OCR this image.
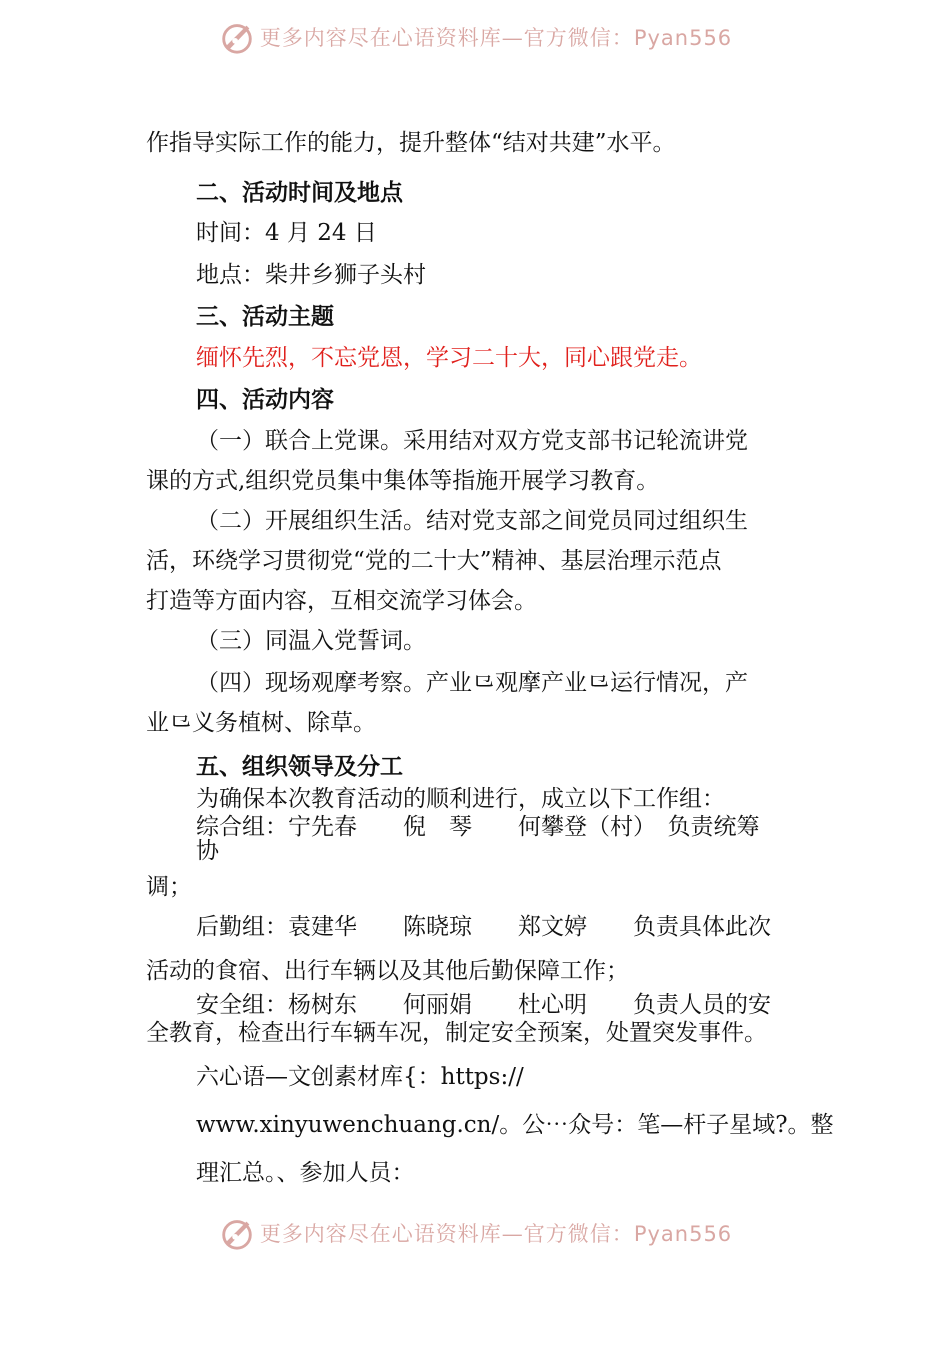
更多内容尽在心语资料库—官方微信：Pyan556
作指导实际工作的能力，提升整体“结对共建”水平。
二、活动时间及地点
时间：4 月 24 日
地点：柴井乡狮子头村
三、活动主题
缅怀先烈，不忘党恩，学习二十大，同心跟党走。
四、活动内容
（一）联合上党课。采用结对双方党支部书记轮流讲党
课的方式,组织党员集中集体等指施开展学习教育。
（二）开展组织生活。结对党支部之间党员同过组织生
活，环绕学习贯彻党“党的二十大”精神、基层治理示范点
打造等方面内容，互相交流学习体会。
（三）同温入党誓词。
（四）现场观摩考察。产业⺋观摩产业⺋运行情况，产
业⺋义务植树、除草。
五、组织领导及分工
为确保本次教育活动的顺利进行，成立以下工作组：
综合组：宁先春　　倪　琴　　何攀登（村）　负责统筹
协
调；
后勤组：袁建华　　陈晓琼　　郑文婷　　负责具体此次
活动的食宿、出行车辆以及其他后勤保障工作；
安全组：杨树东　　何丽娟　　杜心明　　负责人员的安
全教育，检查出行车辆车况，制定安全预案，处置突发事件。
六心语—文创素材库{：https://
www.xinyuwenchuang.cn/。公⋯众号：笔—杆子星域?。整
理汇总。、参加人员：
更多内容尽在心语资料库—官方微信：Pyan556
